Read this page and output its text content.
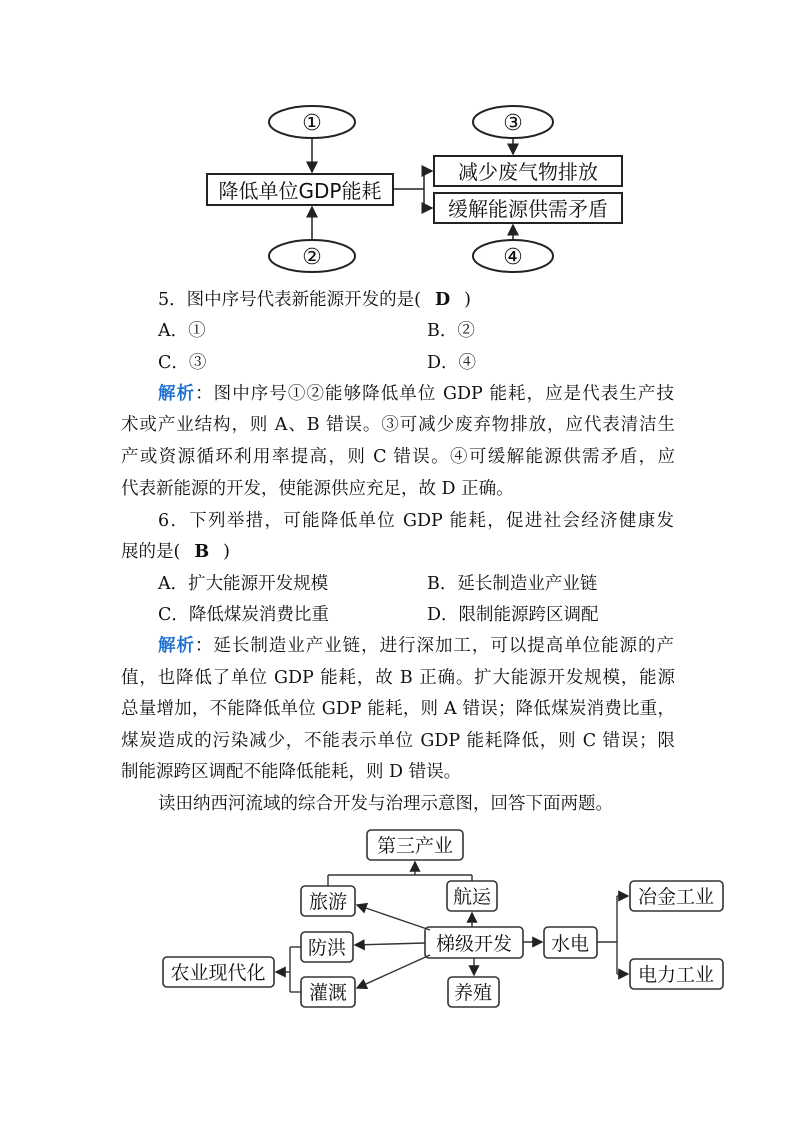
①
②
③
④
降低单位GDP能耗
减少废气物排放
缓解能源供需矛盾
5．图中序号代表新能源开发的是( D )
A．①	B．②
C．③	D．④
解析：图中序号①②能够降低单位 GDP 能耗，应是代表生产技
术或产业结构，则 A、B 错误。③可减少废弃物排放，应代表清洁生
产或资源循环利用率提高，则 C 错误。④可缓解能源供需矛盾，应
代表新能源的开发，使能源供应充足，故 D 正确。
6．下列举措，可能降低单位 GDP 能耗，促进社会经济健康发
展的是( B )
A．扩大能源开发规模	B．延长制造业产业链
C．降低煤炭消费比重	D．限制能源跨区调配
解析：延长制造业产业链，进行深加工，可以提高单位能源的产
值，也降低了单位 GDP 能耗，故 B 正确。扩大能源开发规模，能源
总量增加，不能降低单位 GDP 能耗，则 A 错误；降低煤炭消费比重，
煤炭造成的污染减少，不能表示单位 GDP 能耗降低，则 C 错误；限
制能源跨区调配不能降低能耗，则 D 错误。
读田纳西河流域的综合开发与治理示意图，回答下面两题。
第三产业
旅游	航运
梯级开发 水电
冶金工业
电力工业
防洪
灌溉
农业现代化
养殖
